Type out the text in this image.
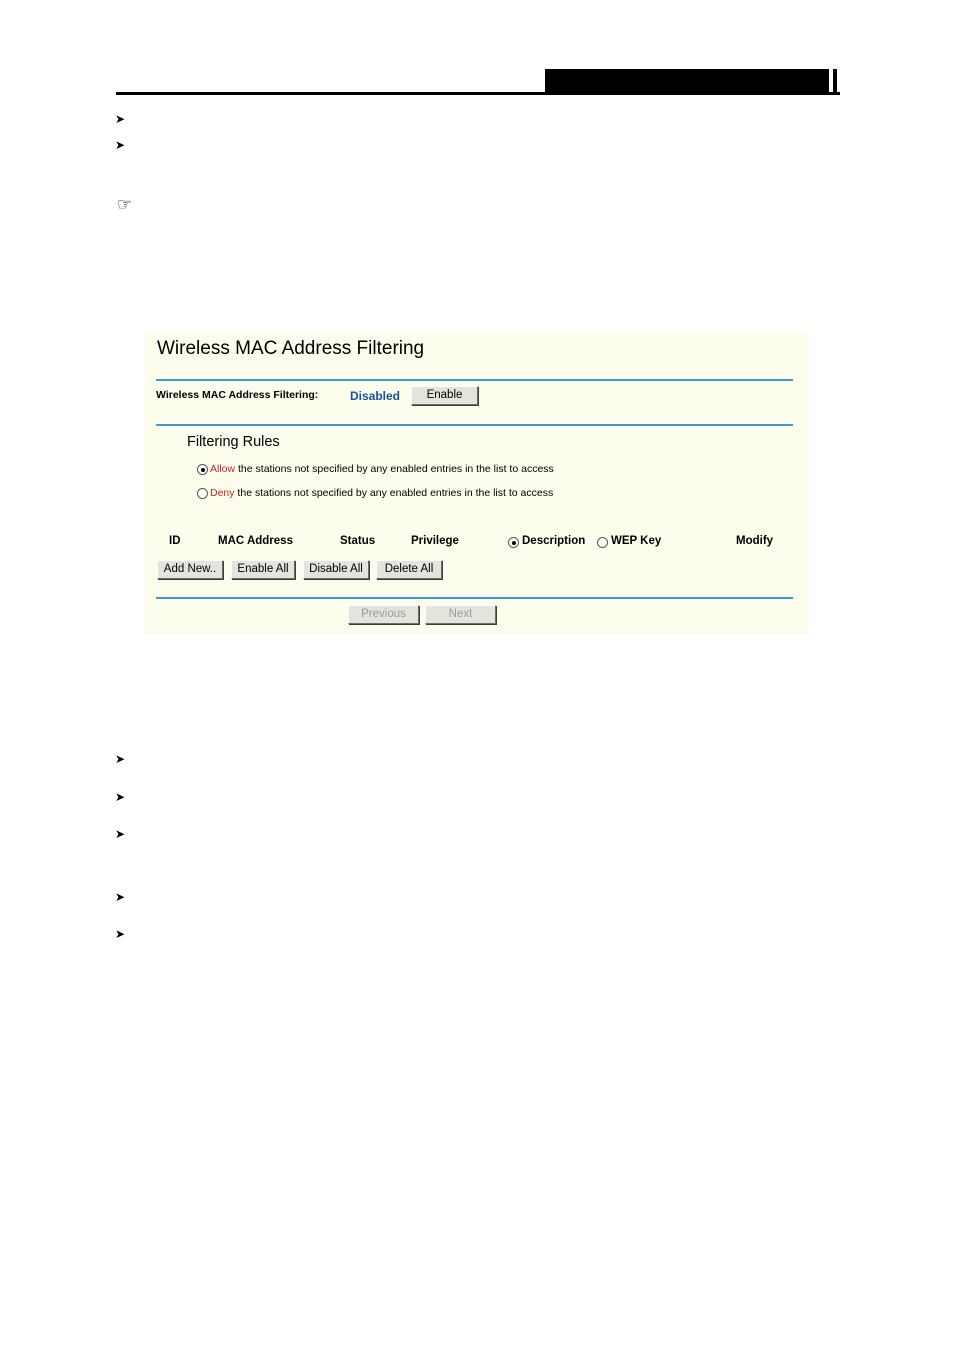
➤
➤
☞
Wireless MAC Address Filtering
Wireless MAC Address Filtering:	Disabled	Enable
Filtering Rules
Allow the stations not specified by any enabled entries in the list to access
Deny the stations not specified by any enabled entries in the list to access
ID	MAC Address	Status	Privilege	Description WEP Key	Modify
Add New..	Enable All	Disable All	Delete All
Previous	Next
➤
➤
➤
➤
➤
